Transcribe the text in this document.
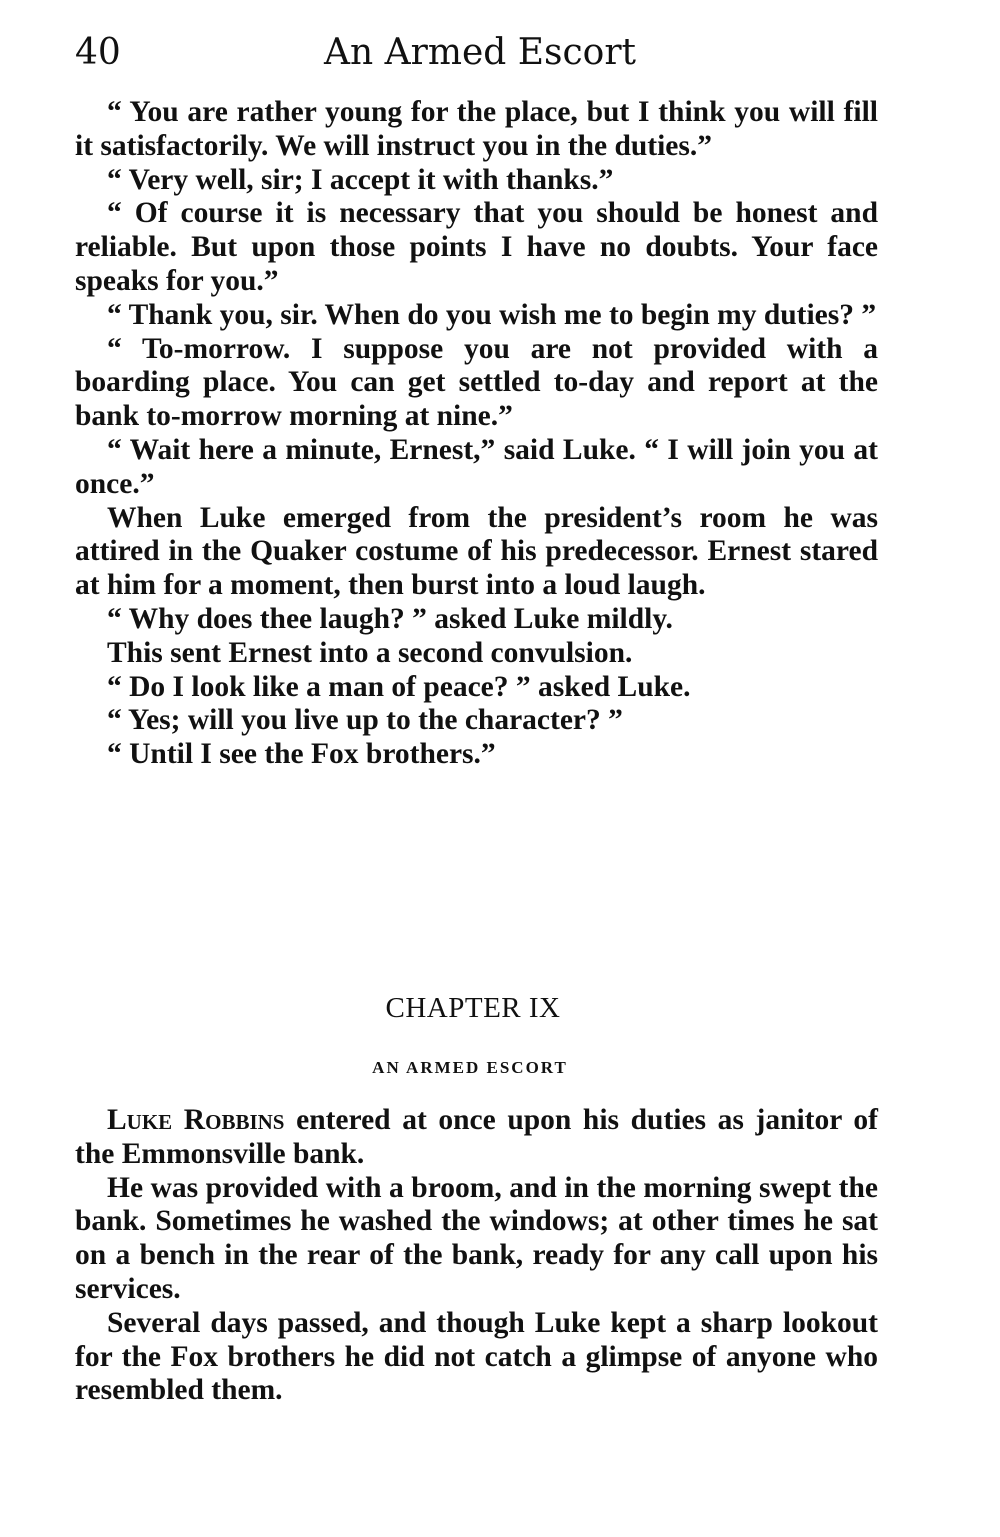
40	An Armed Escort

“ You are rather young for the place, but I think you will fill it satisfactorily. We will instruct you in the duties.”

“ Very well, sir; I accept it with thanks.”

“ Of course it is necessary that you should be honest and reliable. But upon those points I have no doubts. Your face speaks for you.”

“ Thank you, sir. When do you wish me to begin my duties? ”

“ To-morrow. I suppose you are not provided with a boarding place. You can get settled to-day and report at the bank to-morrow morning at nine.”

“ Wait here a minute, Ernest,” said Luke. “ I will join you at once.”

When Luke emerged from the president’s room he was attired in the Quaker costume of his predecessor. Ernest stared at him for a moment, then burst into a loud laugh.

“ Why does thee laugh? ” asked Luke mildly.

This sent Ernest into a second convulsion.

“ Do I look like a man of peace? ” asked Luke.

“ Yes; will you live up to the character? ”

“ Until I see the Fox brothers.”

CHAPTER IX
AN ARMED ESCORT

Luke Robbins entered at once upon his duties as janitor of the Emmonsville bank.

He was provided with a broom, and in the morning swept the bank. Sometimes he washed the windows; at other times he sat on a bench in the rear of the bank, ready for any call upon his services.

Several days passed, and though Luke kept a sharp lookout for the Fox brothers he did not catch a glimpse of anyone who resembled them.
